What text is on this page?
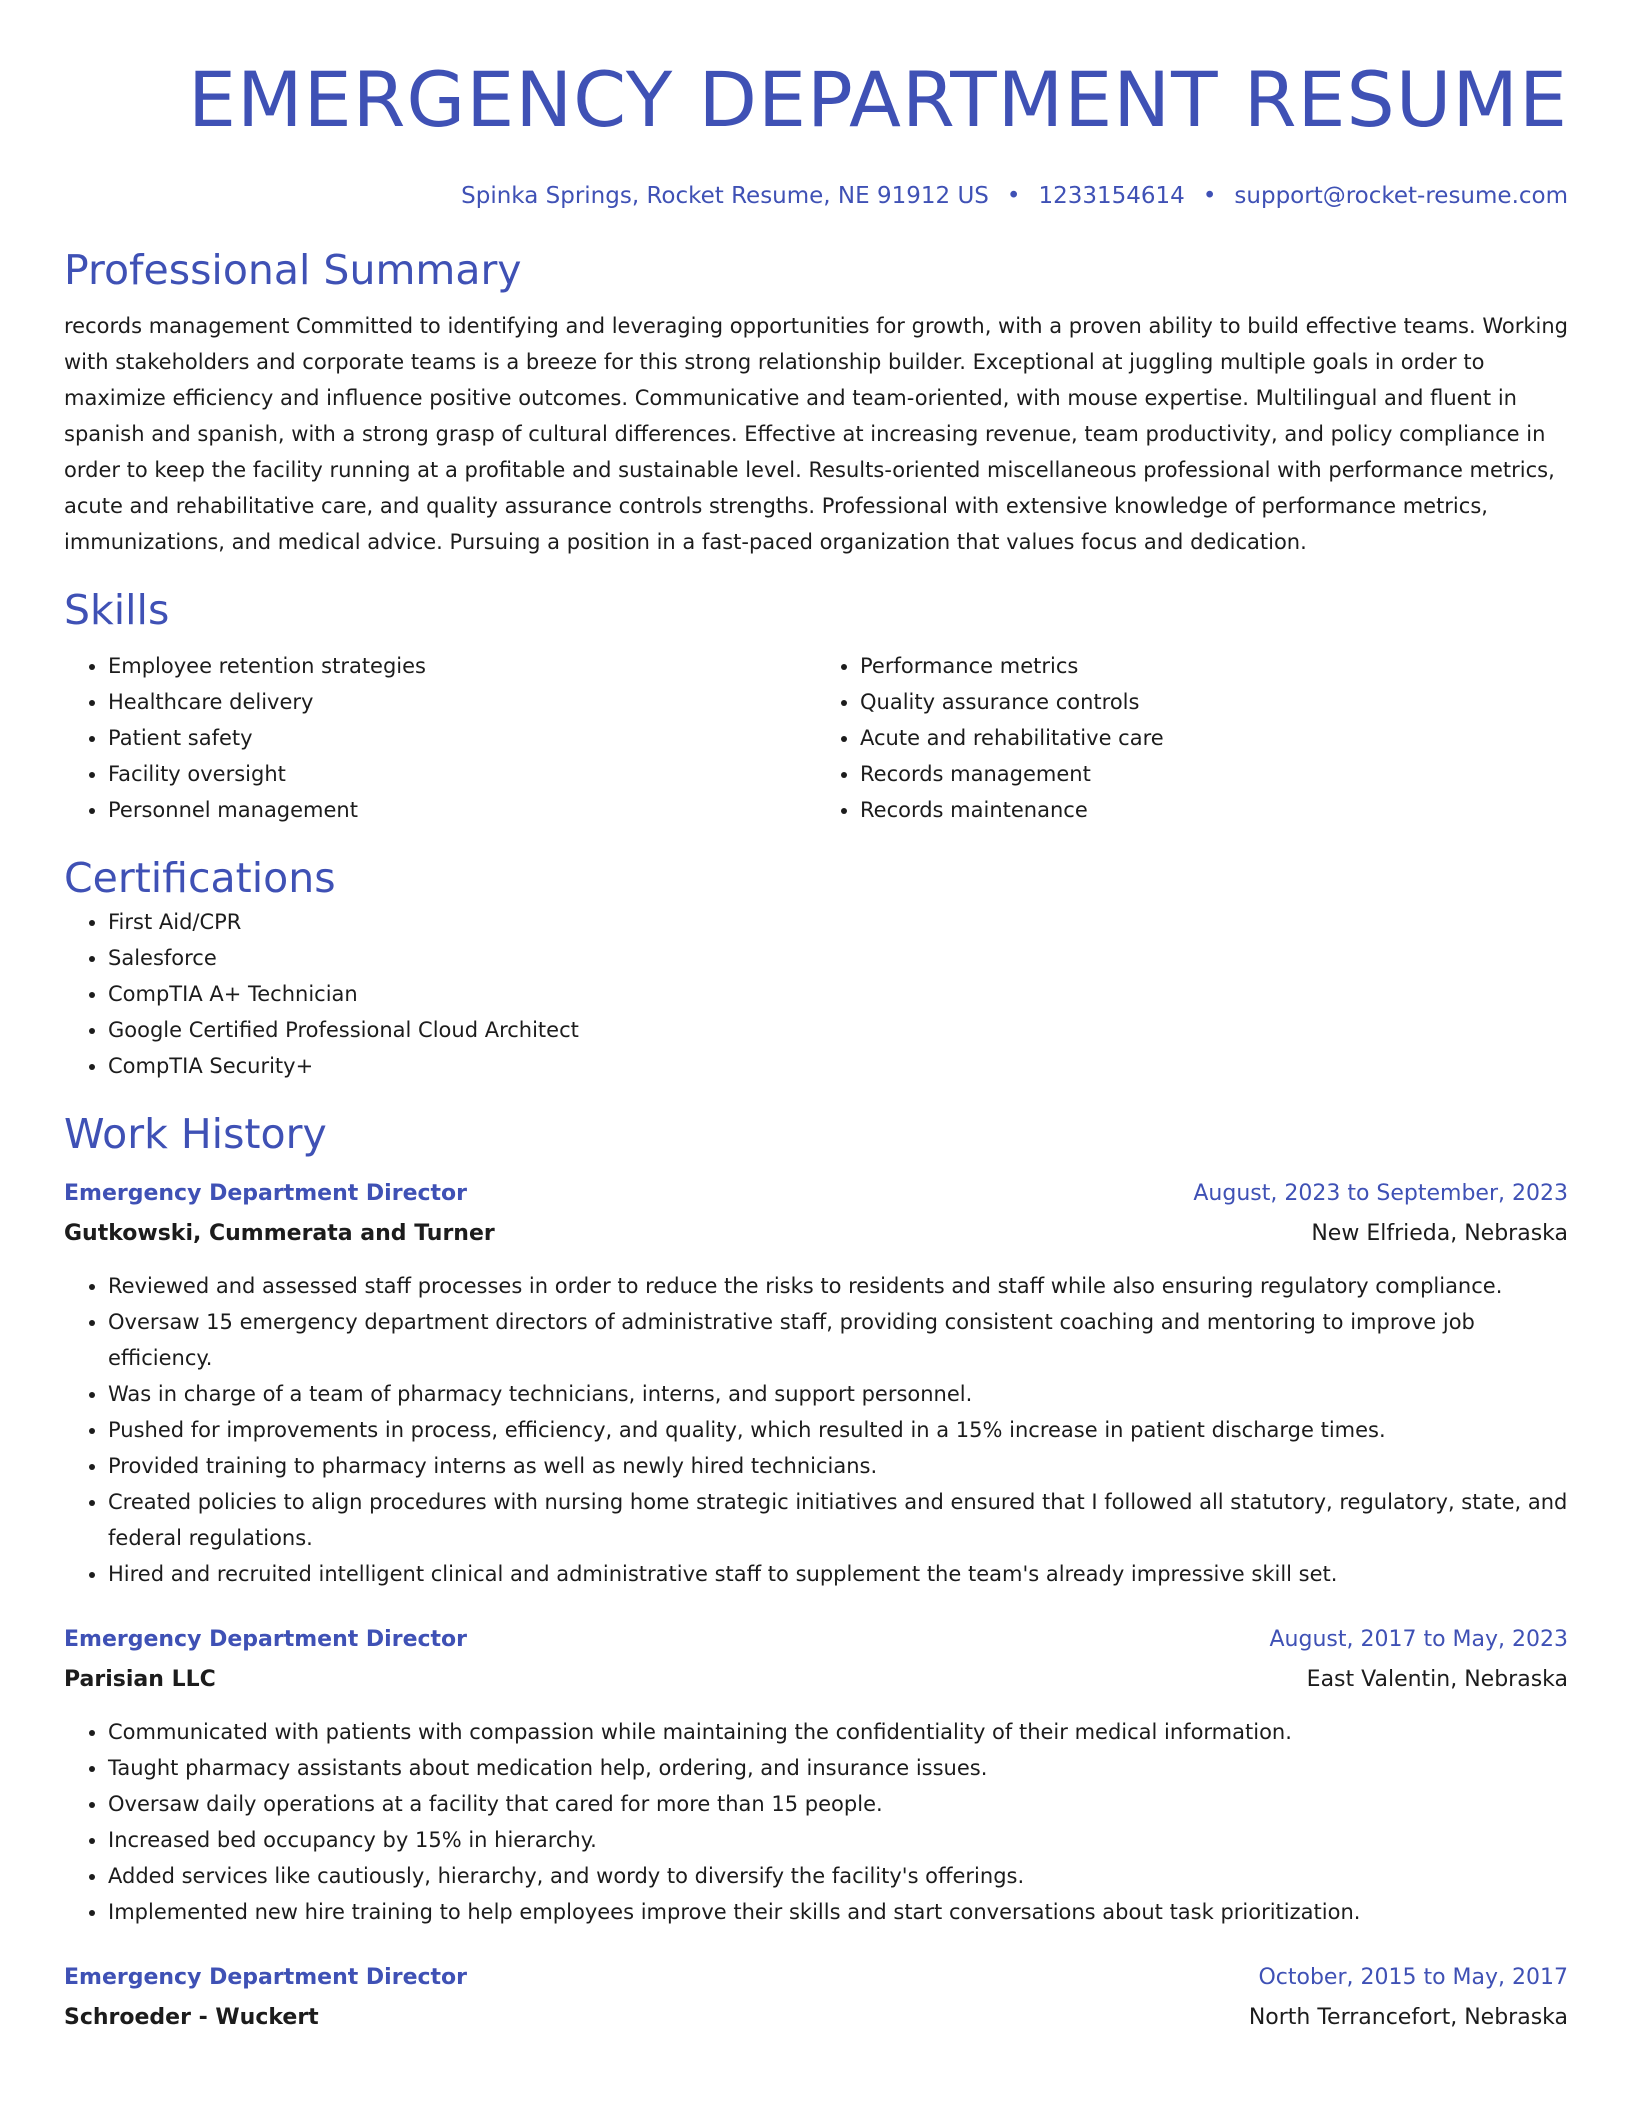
EMERGENCY DEPARTMENT RESUME
Spinka Springs, Rocket Resume, NE 91912 US • 1233154614 • support@rocket-resume.com
Professional Summary

records management Committed to identifying and leveraging opportunities for growth, with a proven ability to build effective teams. Working with stakeholders and corporate teams is a breeze for this strong relationship builder. Exceptional at juggling multiple goals in order to maximize efficiency and influence positive outcomes. Communicative and team-oriented, with mouse expertise. Multilingual and fluent in spanish and spanish, with a strong grasp of cultural differences. Effective at increasing revenue, team productivity, and policy compliance in order to keep the facility running at a profitable and sustainable level. Results-oriented miscellaneous professional with performance metrics, acute and rehabilitative care, and quality assurance controls strengths. Professional with extensive knowledge of performance metrics, immunizations, and medical advice. Pursuing a position in a fast-paced organization that values focus and dedication.

Skills
• Employee retention strategies
• Healthcare delivery
• Patient safety
• Facility oversight
• Personnel management
• Performance metrics
• Quality assurance controls
• Acute and rehabilitative care
• Records management
• Records maintenance
Certifications
• First Aid/CPR
• Salesforce
• CompTIA A+ Technician
• Google Certified Professional Cloud Architect
• CompTIA Security+
Work History
Emergency Department Director	August, 2023 to September, 2023
Gutkowski, Cummerata and Turner	New Elfrieda, Nebraska
• Reviewed and assessed staff processes in order to reduce the risks to residents and staff while also ensuring regulatory compliance.
• Oversaw 15 emergency department directors of administrative staff, providing consistent coaching and mentoring to improve job efficiency.
• Was in charge of a team of pharmacy technicians, interns, and support personnel.
• Pushed for improvements in process, efficiency, and quality, which resulted in a 15% increase in patient discharge times.
• Provided training to pharmacy interns as well as newly hired technicians.
• Created policies to align procedures with nursing home strategic initiatives and ensured that I followed all statutory, regulatory, state, and federal regulations.
• Hired and recruited intelligent clinical and administrative staff to supplement the team's already impressive skill set.
Emergency Department Director	August, 2017 to May, 2023
Parisian LLC	East Valentin, Nebraska
• Communicated with patients with compassion while maintaining the confidentiality of their medical information.
• Taught pharmacy assistants about medication help, ordering, and insurance issues.
• Oversaw daily operations at a facility that cared for more than 15 people.
• Increased bed occupancy by 15% in hierarchy.
• Added services like cautiously, hierarchy, and wordy to diversify the facility's offerings.
• Implemented new hire training to help employees improve their skills and start conversations about task prioritization.
Emergency Department Director	October, 2015 to May, 2017
Schroeder - Wuckert	North Terrancefort, Nebraska
